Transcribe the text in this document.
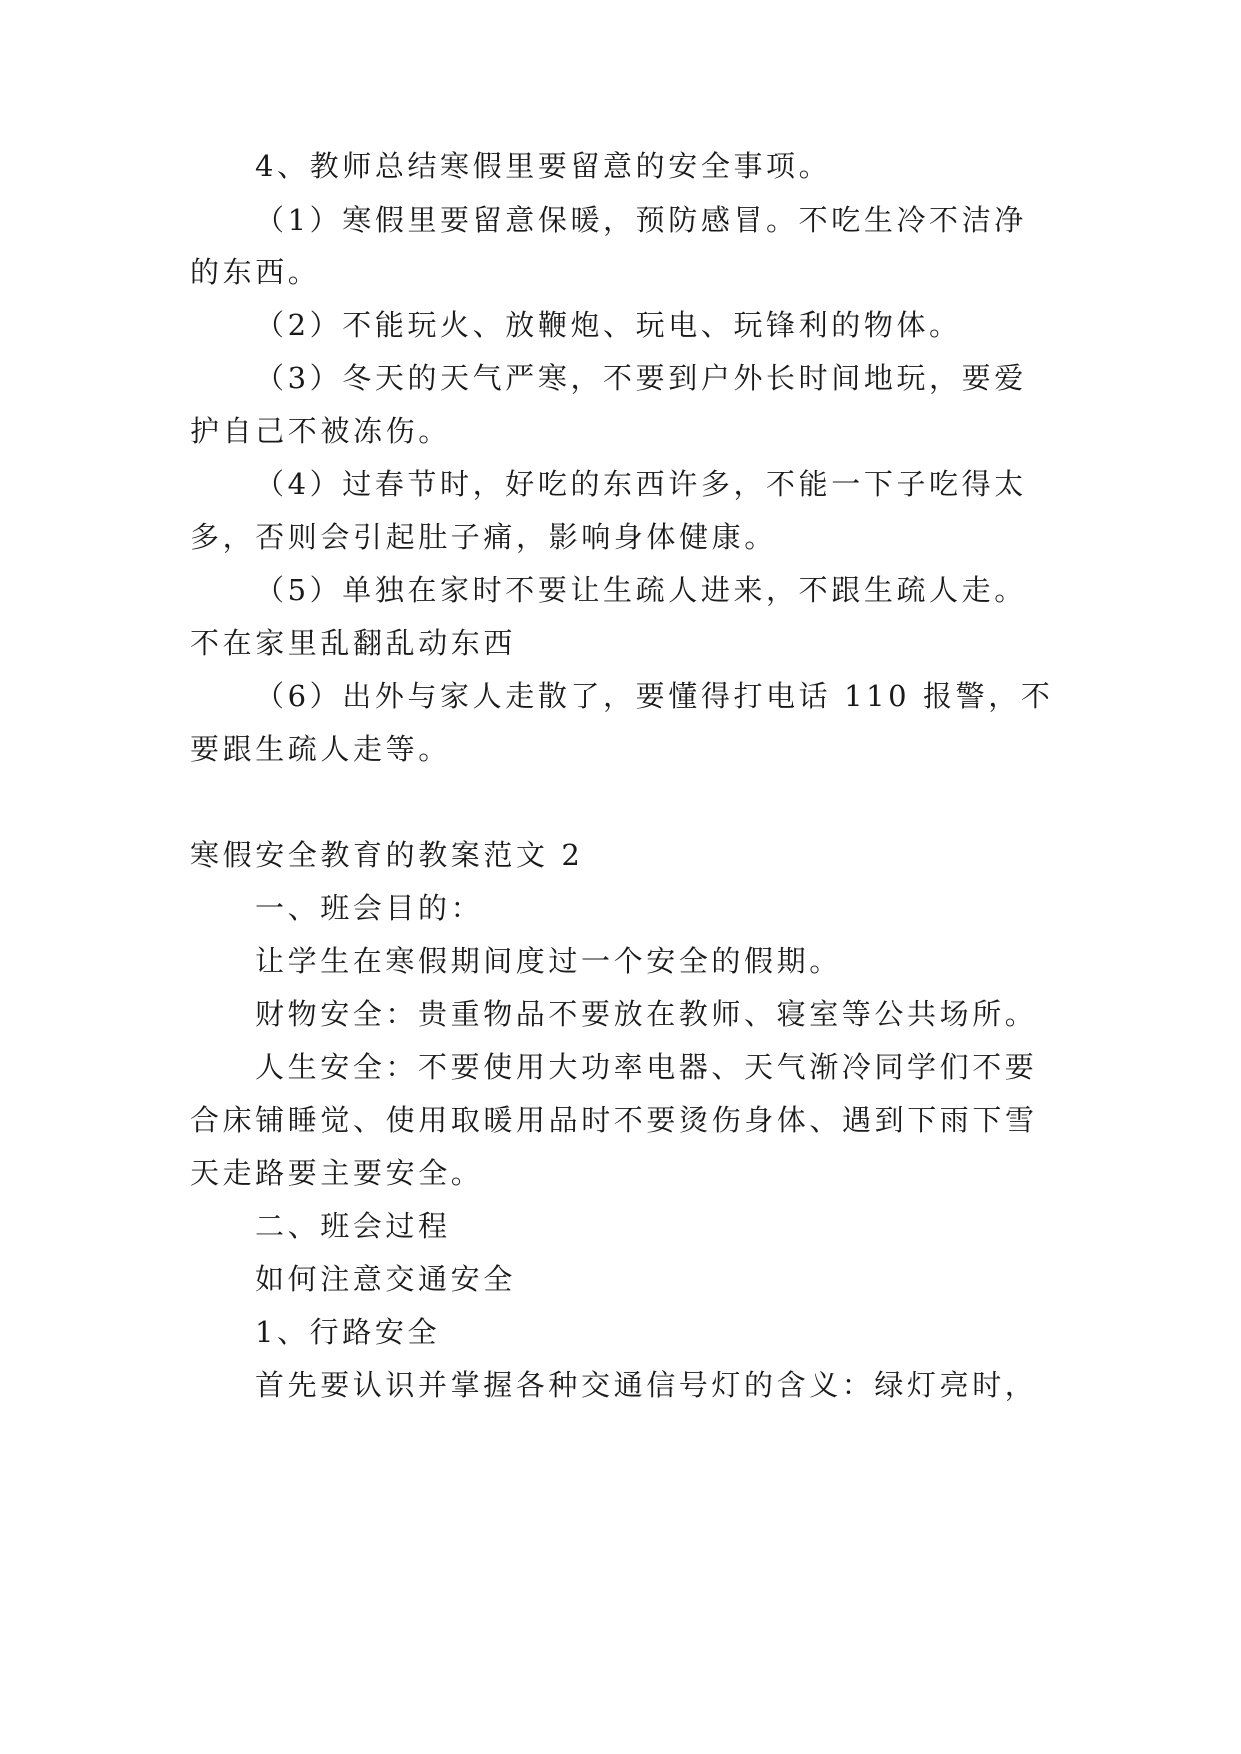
4、教师总结寒假里要留意的安全事项。

（1）寒假里要留意保暖，预防感冒。不吃生冷不洁净

的东西。

（2）不能玩火、放鞭炮、玩电、玩锋利的物体。

（3）冬天的天气严寒，不要到户外长时间地玩，要爱

护自己不被冻伤。

（4）过春节时，好吃的东西许多，不能一下子吃得太

多，否则会引起肚子痛，影响身体健康。

（5）单独在家时不要让生疏人进来，不跟生疏人走。

不在家里乱翻乱动东西

（6）出外与家人走散了，要懂得打电话 110 报警，不

要跟生疏人走等。

寒假安全教育的教案范文 2

一、班会目的：

让学生在寒假期间度过一个安全的假期。

财物安全：贵重物品不要放在教师、寝室等公共场所。

人生安全：不要使用大功率电器、天气渐冷同学们不要

合床铺睡觉、使用取暖用品时不要烫伤身体、遇到下雨下雪

天走路要主要安全。

二、班会过程

如何注意交通安全

1、行路安全

首先要认识并掌握各种交通信号灯的含义：绿灯亮时，
